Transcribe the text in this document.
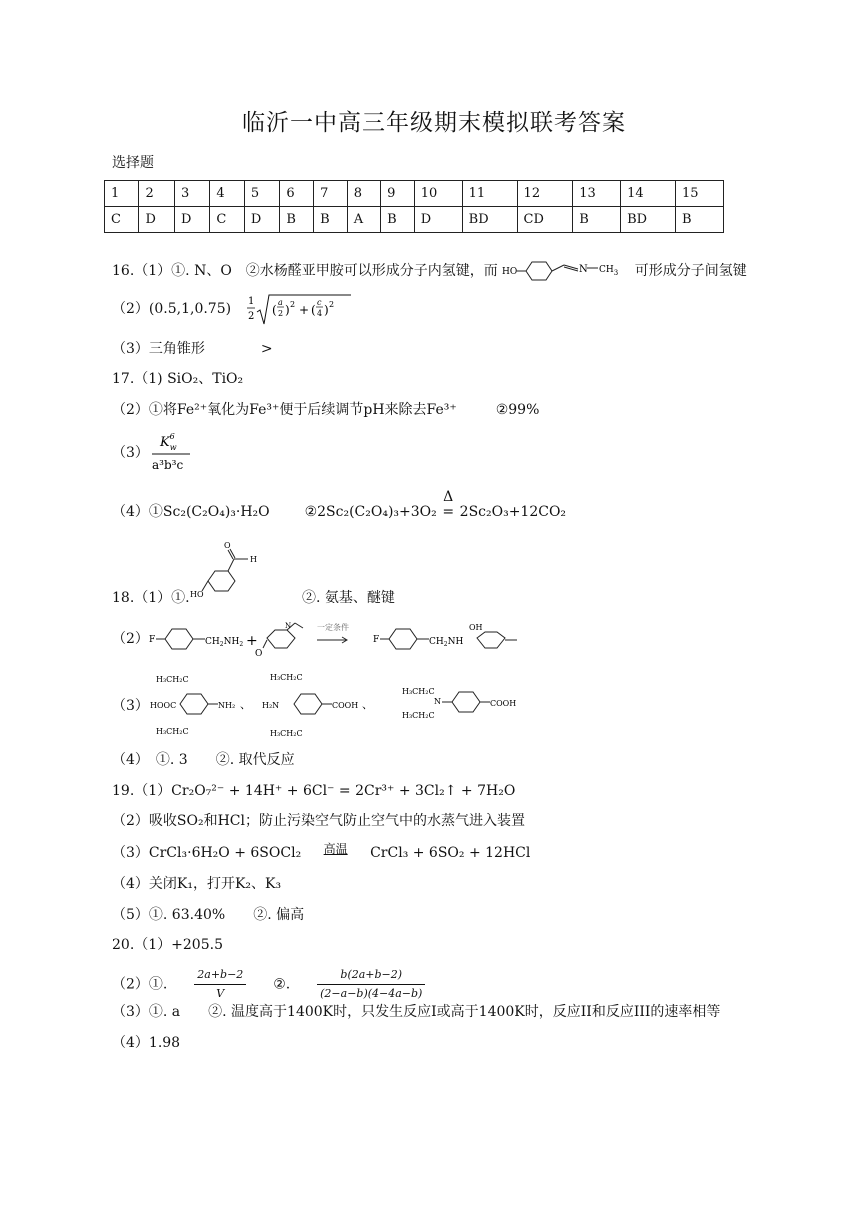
临沂一中高三年级期末模拟联考答案
选择题
1	2	3	4	5	6	7	8	9	10	11	12	13	14	15
C	D	D	C	D	B	B	A	B	D	BD	CD	B	BD	B
16.（1）①. N、O　②水杨醛亚甲胺可以形成分子内氢键，而 HO	N $CH_3$ 可形成分子间氢键
（2）(0.5,1,0.75) 1
2 (
a
2 ) 2 + (
c
4 ) 2
（3）三角锥形　　　　>
17.（1) SiO₂、TiO₂
（2）①将Fe²⁺氧化为Fe³⁺便于后续调节pH来除去Fe³⁺	②99%
（3）
$K_w6$
a³b³c
（4）①Sc₂(C₂O₄)₃·H₂O ②2Sc₂(C₂O₄)₃+3O₂
Δ
= 2Sc₂O₃+12CO₂
18.（1）①. HO
O
H
②. 氨基、醚键
（2） F	$CH_2NH_2$ +
N
O
一定条件
F	$CH_2NH$
OH
（3）
H₃CH₂C
HOOC
H₃CH₂C
NH₂ 、
H₃CH₂C
H₂N
H₃CH₂C
COOH 、
H₃CH₂C
N
H₃CH₂C
COOH
（4）　①. 3　　②. 取代反应
19.（1）Cr₂O₇²⁻ + 14H⁺ + 6Cl⁻ = 2Cr³⁺ + 3Cl₂↑ + 7H₂O
（2）吸收SO₂和HCl；防止污染空气防止空气中的水蒸气进入装置
（3）CrCl₃·6H₂O + 6SOCl₂ 高温 CrCl₃ + 6SO₂ + 12HCl
（4）关闭K₁，打开K₂、K₃
（5）①. 63.40%　　②. 偏高
20.（1）+205.5
（2）①. $\frac{2a+b-2}{V}$ ②. $\frac{b(2a+b-2)}{(2-a-b)(4-4a-b)}$
（3）①. a　　②. 温度高于1400K时，只发生反应I或高于1400K时，反应II和反应III的速率相等
（4）1.98
